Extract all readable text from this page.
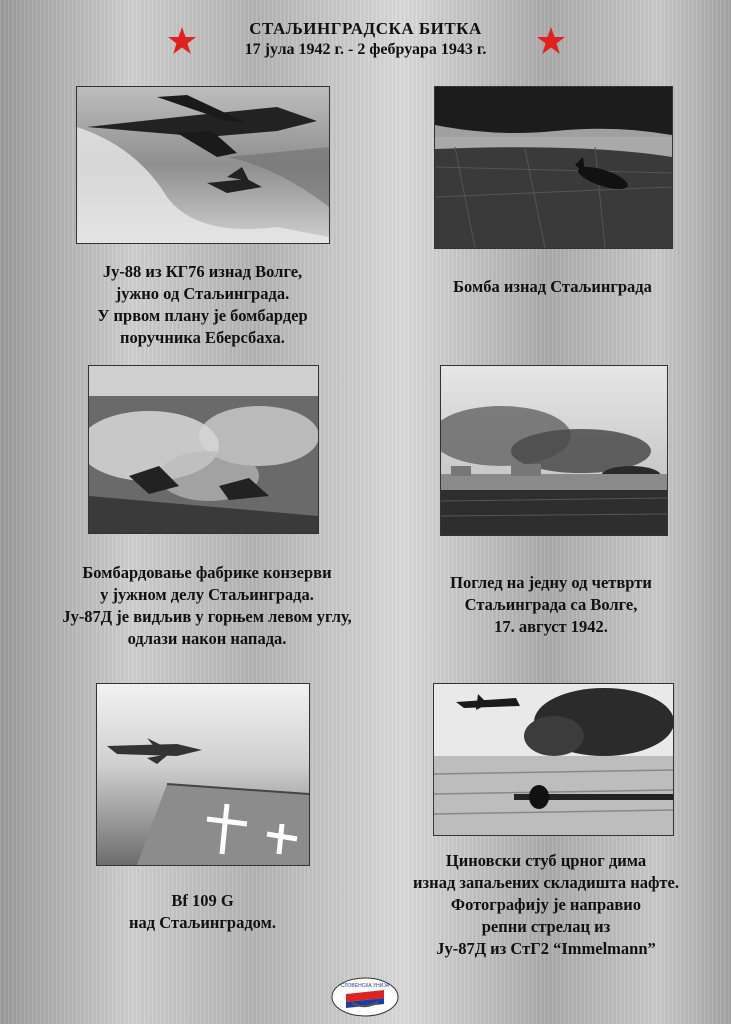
СТАЉИНГРАДСКА БИТКА
17 јула 1942 г. - 2 фебруара 1943 г.
Ју-88 из КГ76 изнад Волге,
јужно од Стаљинграда.
У првом плану је бомбардер
поручника Еберсбаха.
Бомба изнад Стаљинграда
Бомбардовање фабрике конзерви
у јужном делу Стаљинграда.
Ју-87Д је видљив у горњем левом углу,
одлази након напада.
Поглед на једну од четврти
Стаљинграда са Волге,
17. август 1942.
Bf 109 G
над Стаљинградом.
Циновски стуб црног дима
изнад запаљених складишта нафте.
Фотографију је направио
репни стрелац из
Ју-87Д из СтГ2 “Immelmann”
СЛОВЕНСКА УНИЈА
